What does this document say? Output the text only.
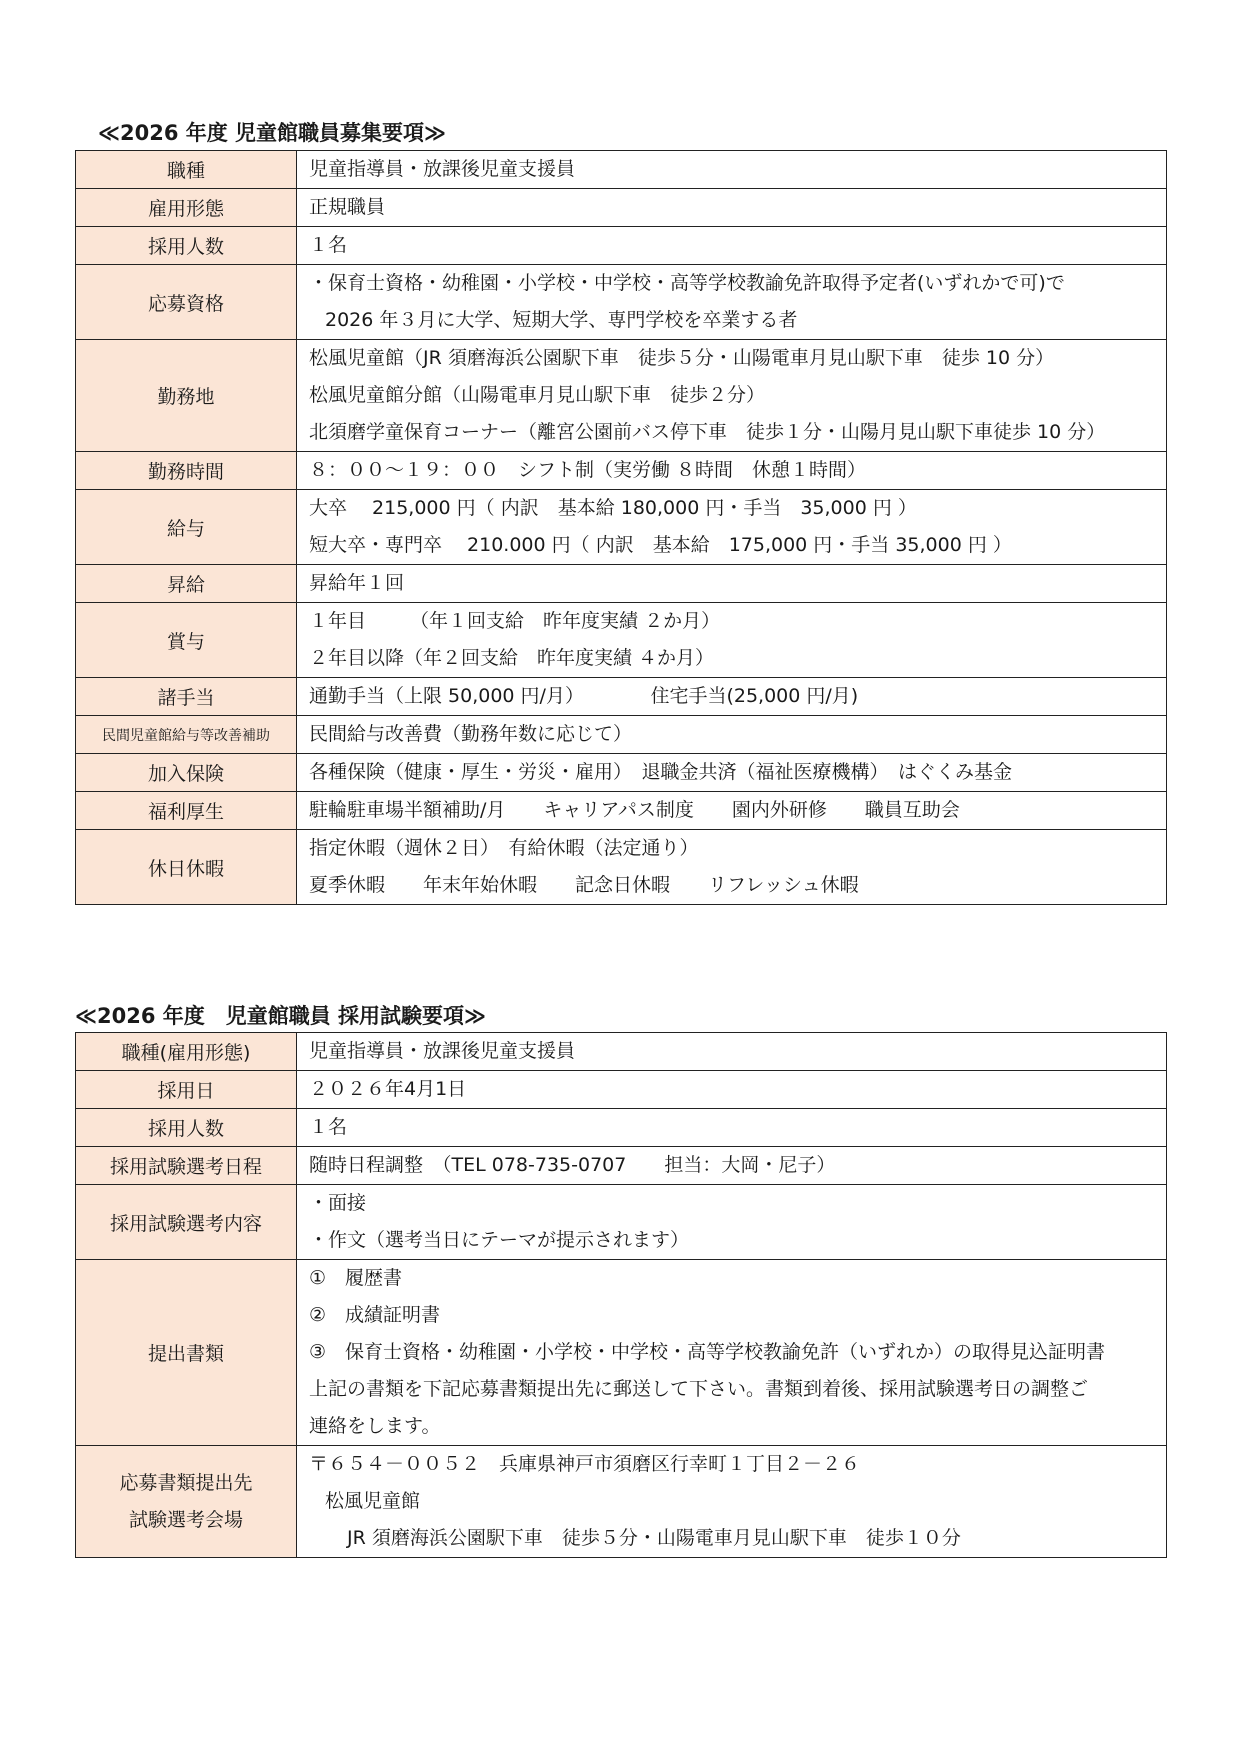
≪2026 年度 児童館職員募集要項≫
職種	児童指導員・放課後児童支援員

雇用形態	正規職員

採用人数	１名

応募資格	・保育士資格・幼稚園・小学校・中学校・高等学校教諭免許取得予定者(いずれかで可)で
2026 年３月に大学、短期大学、専門学校を卒業する者

勤務地	松風児童館（JR 須磨海浜公園駅下車　徒歩５分・山陽電車月見山駅下車　徒歩 10 分）
松風児童館分館（山陽電車月見山駅下車　徒歩２分）
北須磨学童保育コーナー（離宮公園前バス停下車　徒歩１分・山陽月見山駅下車徒歩 10 分）

勤務時間	８：００～１９：００　シフト制（実労働 ８時間　休憩１時間）

給与	大卒　 215,000 円（ 内訳　基本給 180,000 円・手当　35,000 円 ）
短大卒・専門卒　 210.000 円（ 内訳　基本給　175,000 円・手当 35,000 円 ）

昇給	昇給年１回

賞与	１年目　　 （年１回支給　昨年度実績 ２か月）
２年目以降（年２回支給　昨年度実績 ４か月）

諸手当	通勤手当（上限 50,000 円/月）　　　　住宅手当(25,000 円/月)

民間児童館給与等改善補助	民間給与改善費（勤務年数に応じて）

加入保険	各種保険（健康・厚生・労災・雇用）　退職金共済（福祉医療機構）　はぐくみ基金

福利厚生	駐輪駐車場半額補助/月　　キャリアパス制度　　園内外研修　　職員互助会

休日休暇	指定休暇（週休２日）　有給休暇（法定通り）
夏季休暇　　年末年始休暇　　記念日休暇　　リフレッシュ休暇
≪2026 年度　児童館職員 採用試験要項≫
職種(雇用形態)	児童指導員・放課後児童支援員

採用日	２０２６年4月1日

採用人数	１名

採用試験選考日程	随時日程調整　（TEL 078-735-0707　　担当：大岡・尼子）

採用試験選考内容	・面接
・作文（選考当日にテーマが提示されます）

提出書類	①　履歴書
②　成績証明書
③　保育士資格・幼稚園・小学校・中学校・高等学校教諭免許（いずれか）の取得見込証明書
上記の書類を下記応募書類提出先に郵送して下さい。書類到着後、採用試験選考日の調整ご
連絡をします。

応募書類提出先
試験選考会場	〒６５４－００５２　兵庫県神戸市須磨区行幸町１丁目２－２６
松風児童館
JR 須磨海浜公園駅下車　徒歩５分・山陽電車月見山駅下車　徒歩１０分
